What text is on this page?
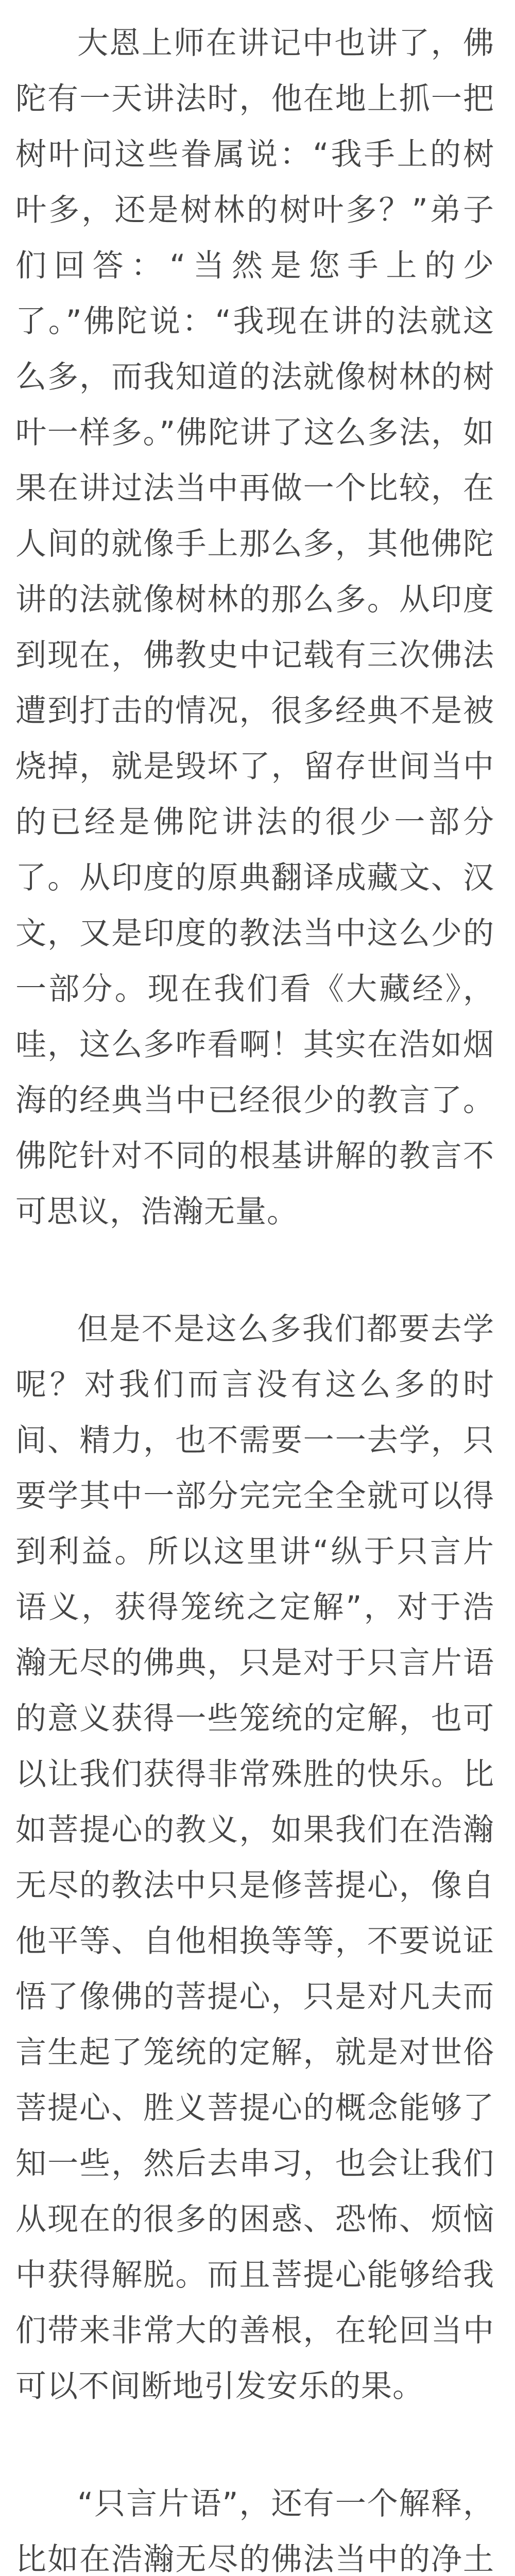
大恩上师在讲记中也讲了，佛陀有一天讲法时，他在地上抓一把树叶问这些眷属说：“我手上的树叶多，还是树林的树叶多？”弟子们回答：“当然是您手上的少了。”佛陀说：“我现在讲的法就这么多，而我知道的法就像树林的树叶一样多。”佛陀讲了这么多法，如果在讲过法当中再做一个比较，在人间的就像手上那么多，其他佛陀讲的法就像树林的那么多。从印度到现在，佛教史中记载有三次佛法遭到打击的情况，很多经典不是被烧掉，就是毁坏了，留存世间当中的已经是佛陀讲法的很少一部分了。从印度的原典翻译成藏文、汉文，又是印度的教法当中这么少的一部分。现在我们看《大藏经》，哇，这么多咋看啊！其实在浩如烟海的经典当中已经很少的教言了。佛陀针对不同的根基讲解的教言不可思议，浩瀚无量。

但是不是这么多我们都要去学呢？对我们而言没有这么多的时间、精力，也不需要一一去学，只要学其中一部分完完全全就可以得到利益。所以这里讲“纵于只言片语义，获得笼统之定解”，对于浩瀚无尽的佛典，只是对于只言片语的意义获得一些笼统的定解，也可以让我们获得非常殊胜的快乐。比如菩提心的教义，如果我们在浩瀚无尽的教法中只是修菩提心，像自他平等、自他相换等等，不要说证悟了像佛的菩提心，只是对凡夫而言生起了笼统的定解，就是对世俗菩提心、胜义菩提心的概念能够了知一些，然后去串习，也会让我们从现在的很多的困惑、恐怖、烦恼中获得解脱。而且菩提心能够给我们带来非常大的善根，在轮回当中可以不间断地引发安乐的果。

“只言片语”，还有一个解释，比如在浩瀚无尽的佛法当中的净土
